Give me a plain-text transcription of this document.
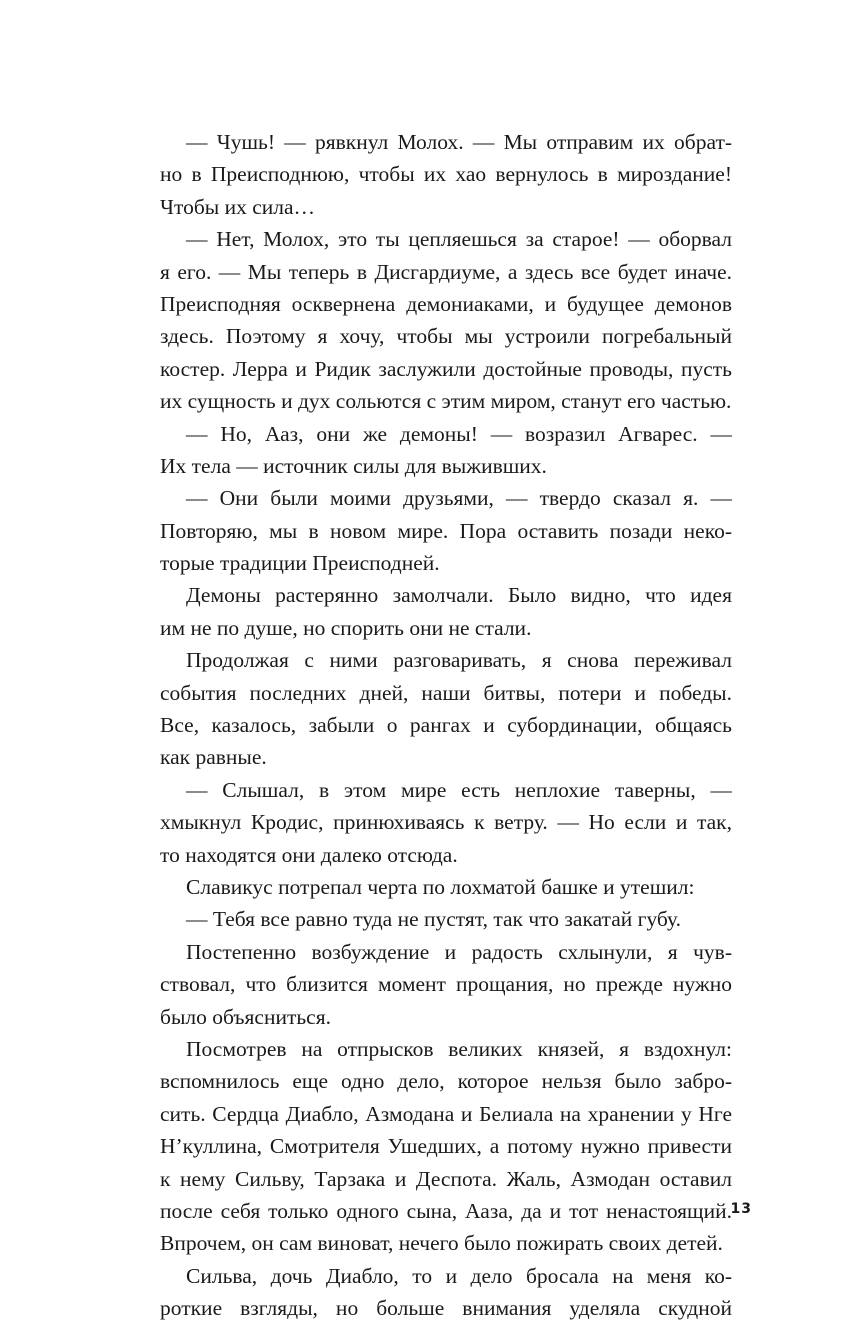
— Чушь! — рявкнул Молох. — Мы отправим их обрат-
но в Преисподнюю, чтобы их хао вернулось в мироздание!
Чтобы их сила…
— Нет, Молох, это ты цепляешься за старое! — оборвал
я его. — Мы теперь в Дисгардиуме, а здесь все будет иначе.
Преисподняя осквернена демониаками, и будущее демонов
здесь. Поэтому я хочу, чтобы мы устроили погребальный
костер. Лерра и Ридик заслужили достойные проводы, пусть
их сущность и дух сольются с этим миром, станут его частью.
— Но, Ааз, они же демоны! — возразил Агварес. —
Их тела — источник силы для выживших.
— Они были моими друзьями, — твердо сказал я. —
Повторяю, мы в новом мире. Пора оставить позади неко-
торые традиции Преисподней.
Демоны растерянно замолчали. Было видно, что идея
им не по душе, но спорить они не стали.
Продолжая с ними разговаривать, я снова переживал
события последних дней, наши битвы, потери и победы.
Все, казалось, забыли о рангах и субординации, общаясь
как равные.
— Слышал, в этом мире есть неплохие таверны, —
хмыкнул Кродис, принюхиваясь к ветру. — Но если и так,
то находятся они далеко отсюда.
Славикус потрепал черта по лохматой башке и утешил:
— Тебя все равно туда не пустят, так что закатай губу.
Постепенно возбуждение и радость схлынули, я чув-
ствовал, что близится момент прощания, но прежде нужно
было объясниться.
Посмотрев на отпрысков великих князей, я вздохнул:
вспомнилось еще одно дело, которое нельзя было забро-
сить. Сердца Диабло, Азмодана и Белиала на хранении у Нге
Н’куллина, Смотрителя Ушедших, а потому нужно привести
к нему Сильву, Тарзака и Деспота. Жаль, Азмодан оставил
после себя только одного сына, Ааза, да и тот ненастоящий.
Впрочем, он сам виноват, нечего было пожирать своих детей.
Сильва, дочь Диабло, то и дело бросала на меня ко-
роткие взгляды, но больше внимания уделяла скудной
13
